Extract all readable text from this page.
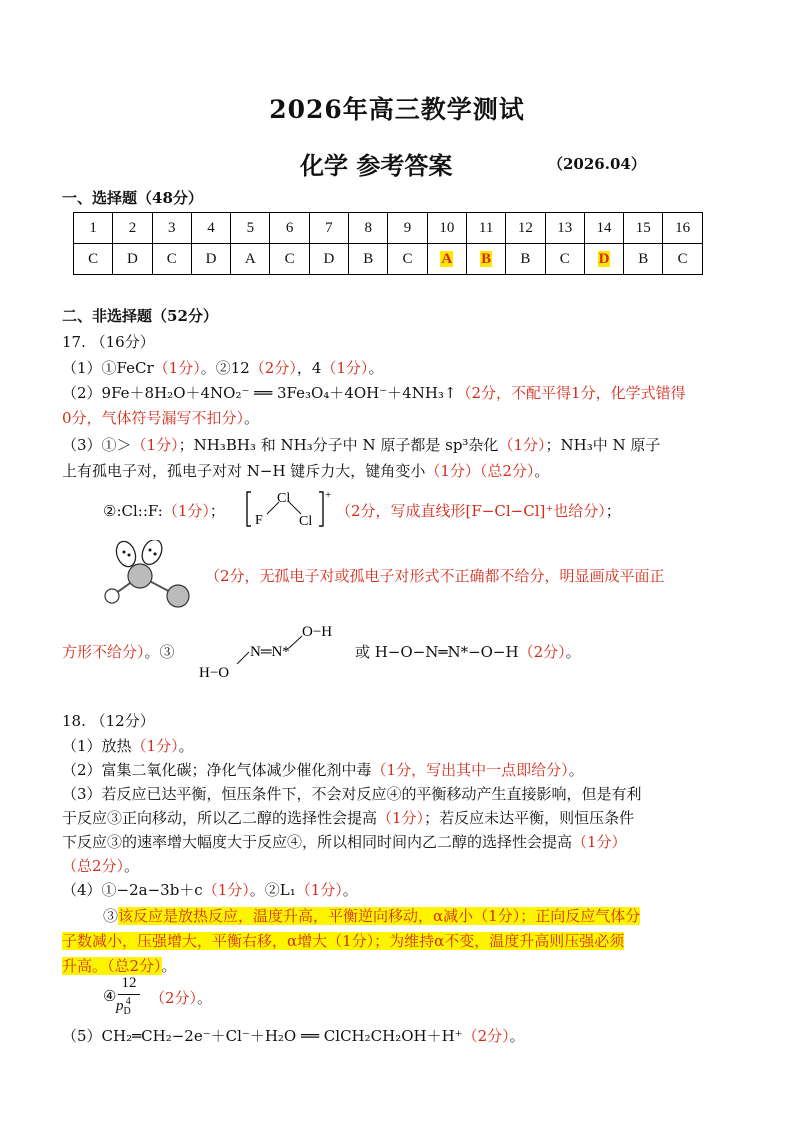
2026年高三教学测试
化学 参考答案	（2026.04）
一、选择题（48分）
1	2	3	4	5	6	7	8	9	10	11	12	13	14	15	16
C	D	C	D	A	C	D	B	C	A	B	B	C	D	B	C
二、非选择题（52分）
17. （16分）
（1）①FeCr（1分）。②12（2分），4（1分）。
（2）9Fe＋8H₂O＋4NO₂⁻ ══ 3Fe₃O₄＋4OH⁻＋4NH₃↑（2分，不配平得1分，化学式错得
0分，气体符号漏写不扣分）。
（3）①＞（1分）；NH₃BH₃ 和 NH₃分子中 N 原子都是 sp³杂化（1分）；NH₃中 N 原子
上有孤电子对，孤电子对对 N−H 键斥力大，键角变小（1分）（总2分）。
②:Cl::F:（1分）；
Cl
F	Cl
+
（2分，写成直线形[F−Cl−Cl]⁺也给分）；
（2分，无孤电子对或孤电子对形式不正确都不给分，明显画成平面正
方形不给分）。③
O−H
N═N*
H−O
或 H−O−N═N*−O−H（2分）。
18. （12分）
（1）放热（1分）。
（2）富集二氧化碳；净化气体减少催化剂中毒（1分，写出其中一点即给分）。
（3）若反应已达平衡，恒压条件下，不会对反应④的平衡移动产生直接影响，但是有利
于反应③正向移动，所以乙二醇的选择性会提高（1分）；若反应未达平衡，则恒压条件
下反应③的速率增大幅度大于反应④，所以相同时间内乙二醇的选择性会提高（1分）
（总2分）。
（4）①−2a−3b＋c（1分）。②L₁（1分）。
③该反应是放热反应，温度升高，平衡逆向移动，α减小（1分）；正向反应气体分
子数减小，压强增大，平衡右移，α增大（1分）；为维持α不变，温度升高则压强必须
升高。（总2分）。
④
12
$p_D^4$	（2分）。
（5）CH₂═CH₂−2e⁻＋Cl⁻＋H₂O ══ ClCH₂CH₂OH＋H⁺（2分）。
